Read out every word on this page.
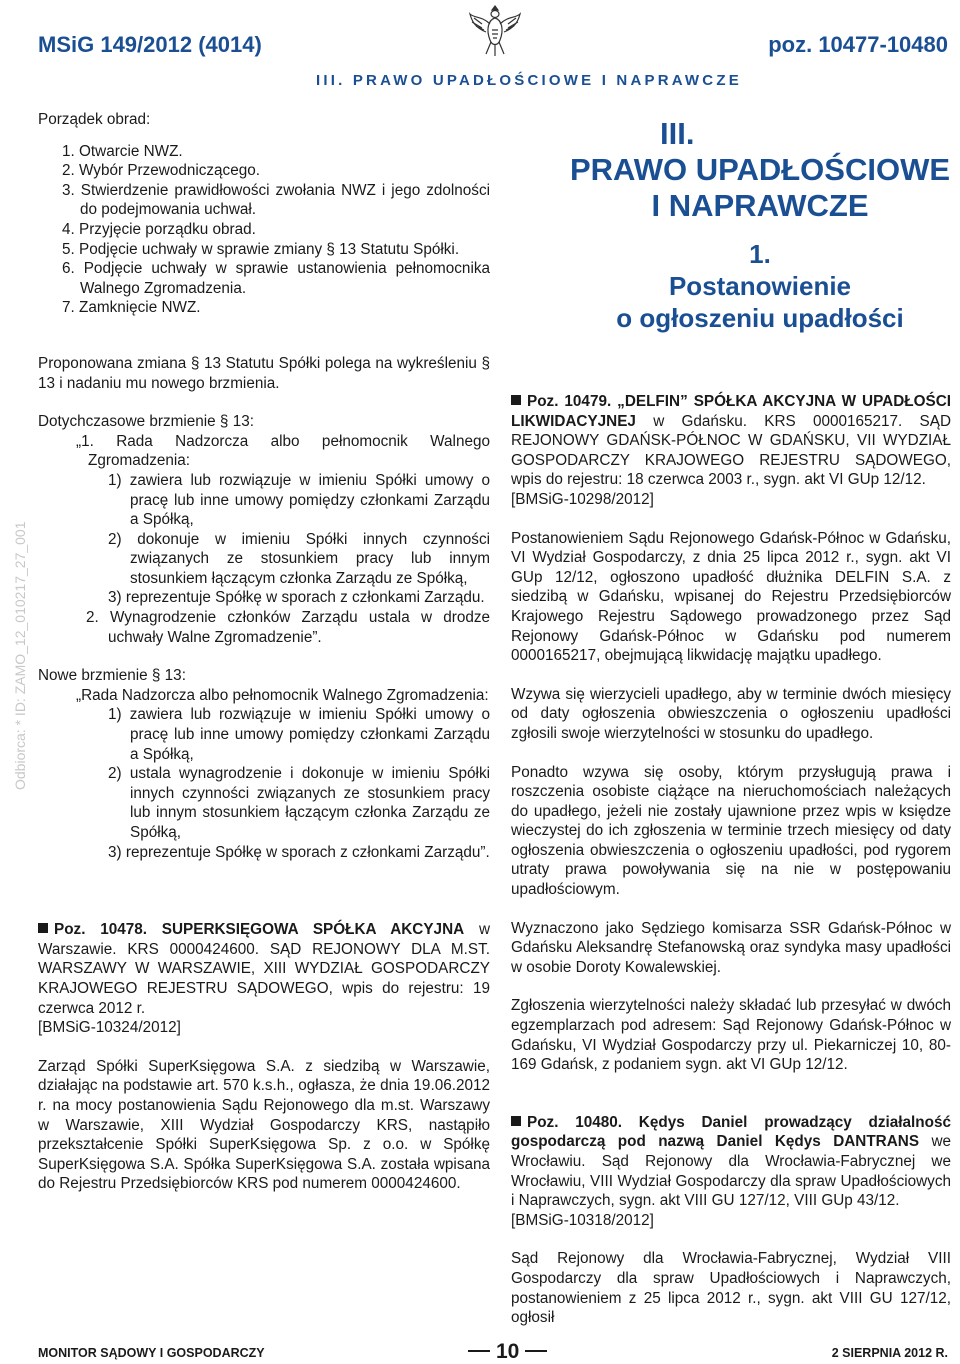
MSiG 149/2012 (4014)	poz. 10477-10480
III. PRAWO UPADŁOŚCIOWE I NAPRAWCZE
Odbiorca: * ID: ZAMO_12_010217_27_001
III.
PRAWO UPADŁOŚCIOWE
I NAPRAWCZE
1.
Postanowienie
o ogłoszeniu upadłości
Porządek obrad:
1. Otwarcie NWZ.
2. Wybór Przewodniczącego.
3. Stwierdzenie prawidłowości zwołania NWZ i jego zdolności do podejmowania uchwał.
4. Przyjęcie porządku obrad.
5. Podjęcie uchwały w sprawie zmiany § 13 Statutu Spółki.
6. Podjęcie uchwały w sprawie ustanowienia pełnomocnika Walnego Zgromadzenia.
7. Zamknięcie NWZ.

Proponowana zmiana § 13 Statutu Spółki polega na wykreśleniu § 13 i nadaniu mu nowego brzmienia.

Dotychczasowe brzmienie § 13:

„1. Rada Nadzorcza albo pełnomocnik Walnego Zgromadzenia:
1) zawiera lub rozwiązuje w imieniu Spółki umowy o pracę lub inne umowy pomiędzy członkami Zarządu a Spółką,
2) dokonuje w imieniu Spółki innych czynności związanych ze stosunkiem pracy lub innym stosunkiem łączącym członka Zarządu ze Spółką,
3) reprezentuje Spółkę w sporach z członkami Zarządu.
2. Wynagrodzenie członków Zarządu ustala w drodze uchwały Walne Zgromadzenie”.

Nowe brzmienie § 13:

„Rada Nadzorcza albo pełnomocnik Walnego Zgromadzenia:
1) zawiera lub rozwiązuje w imieniu Spółki umowy o pracę lub inne umowy pomiędzy członkami Zarządu a Spółką,
2) ustala wynagrodzenie i dokonuje w imieniu Spółki innych czynności związanych ze stosunkiem pracy lub innym stosunkiem łączącym członka Zarządu ze Spółką,
3) reprezentuje Spółkę w sporach z członkami Zarządu”.

Poz. 10478. SUPERKSIĘGOWA SPÓŁKA AKCYJNA w Warszawie. KRS 0000424600. SĄD REJONOWY DLA M.ST. WARSZAWY W WARSZAWIE, XIII WYDZIAŁ GOSPODARCZY KRAJOWEGO REJESTRU SĄDOWEGO, wpis do rejestru: 19 czerwca 2012 r.

[BMSiG-10324/2012]

Zarząd Spółki SuperKsięgowa S.A. z siedzibą w Warszawie, działając na podstawie art. 570 k.s.h., ogłasza, że dnia 19.06.2012 r. na mocy postanowienia Sądu Rejonowego dla m.st. Warszawy w Warszawie, XIII Wydział Gospodarczy KRS, nastąpiło przekształcenie Spółki SuperKsięgowa Sp. z o.o. w Spółkę SuperKsięgowa S.A. Spółka SuperKsięgowa S.A. została wpisana do Rejestru Przedsiębiorców KRS pod numerem 0000424600.

Poz. 10479. „DELFIN” SPÓŁKA AKCYJNA W UPADŁOŚCI LIKWIDACYJNEJ w Gdańsku. KRS 0000165217. SĄD REJONOWY GDAŃSK-PÓŁNOC W GDAŃSKU, VII WYDZIAŁ GOSPODARCZY KRAJOWEGO REJESTRU SĄDOWEGO, wpis do rejestru: 18 czerwca 2003 r., sygn. akt VI GUp 12/12.

[BMSiG-10298/2012]

Postanowieniem Sądu Rejonowego Gdańsk-Północ w Gdańsku, VI Wydział Gospodarczy, z dnia 25 lipca 2012 r., sygn. akt VI GUp 12/12, ogłoszono upadłość dłużnika DELFIN S.A. z siedzibą w Gdańsku, wpisanej do Rejestru Przedsiębiorców Krajowego Rejestru Sądowego prowadzonego przez Sąd Rejonowy Gdańsk-Północ w Gdańsku pod numerem 0000165217, obejmującą likwidację majątku upadłego.

Wzywa się wierzycieli upadłego, aby w terminie dwóch miesięcy od daty ogłoszenia obwieszczenia o ogłoszeniu upadłości zgłosili swoje wierzytelności w stosunku do upadłego.

Ponadto wzywa się osoby, którym przysługują prawa i roszczenia osobiste ciążące na nieruchomościach należących do upadłego, jeżeli nie zostały ujawnione przez wpis w księdze wieczystej do ich zgłoszenia w terminie trzech miesięcy od daty ogłoszenia obwieszczenia o ogłoszeniu upadłości, pod rygorem utraty prawa powoływania się na nie w postępowaniu upadłościowym.

Wyznaczono jako Sędziego komisarza SSR Gdańsk-Północ w Gdańsku Aleksandrę Stefanowską oraz syndyka masy upadłości w osobie Doroty Kowalewskiej.

Zgłoszenia wierzytelności należy składać lub przesyłać w dwóch egzemplarzach pod adresem: Sąd Rejonowy Gdańsk-Północ w Gdańsku, VI Wydział Gospodarczy przy ul. Piekarniczej 10, 80-169 Gdańsk, z podaniem sygn. akt VI GUp 12/12.

Poz. 10480. Kędys Daniel prowadzący działalność gospodarczą pod nazwą Daniel Kędys DANTRANS we Wrocławiu. Sąd Rejonowy dla Wrocławia-Fabrycznej we Wrocławiu, VIII Wydział Gospodarczy dla spraw Upadłościowych i Naprawczych, sygn. akt VIII GU 127/12, VIII GUp 43/12.

[BMSiG-10318/2012]

Sąd Rejonowy dla Wrocławia-Fabrycznej, Wydział VIII Gospodarczy dla spraw Upadłościowych i Naprawczych, postanowieniem z 25 lipca 2012 r., sygn. akt VIII GU 127/12, ogłosił

MONITOR SĄDOWY I GOSPODARCZY	10	2 SIERPNIA 2012 R.
